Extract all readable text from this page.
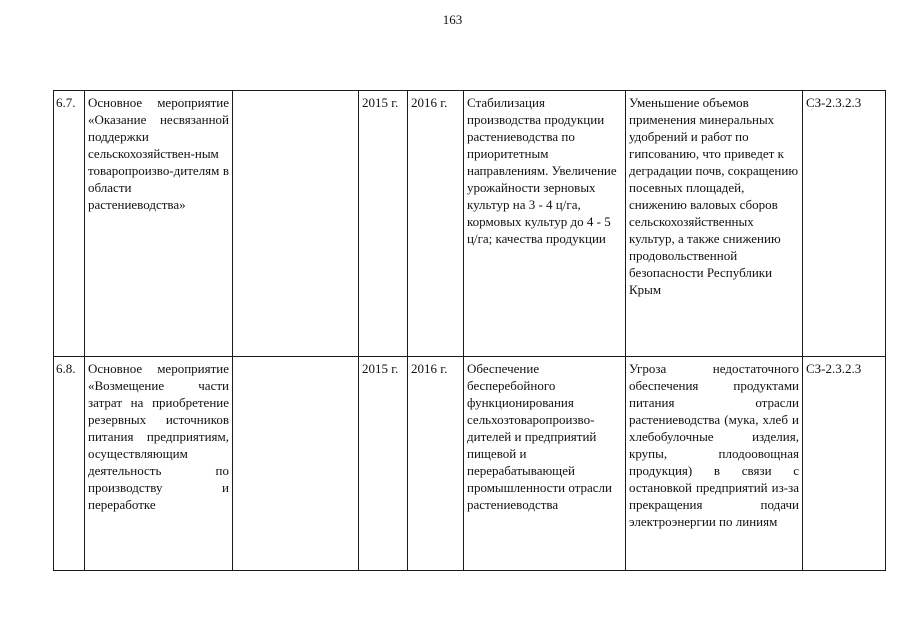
163
6.7.	Основное мероприятие «Оказание несвязанной поддержки сельскохозяйствен-ным товаропроизво-дителям в области растениеводства»		2015 г.	2016 г.	Стабилизация производства продукции растениеводства по приоритетным направлениям. Увеличение урожайности зерновых культур на 3 - 4 ц/га, кормовых культур до 4 - 5 ц/га; качества продукции	Уменьшение объемов применения минеральных удобрений и работ по гипсованию, что приведет к деградации почв, сокращению посевных площадей, снижению валовых сборов сельскохозяйственных культур, а также снижению продовольственной безопасности Республики Крым	СЗ-2.3.2.3
6.8.	Основное мероприятие «Возмещение части затрат на приобретение резервных источников питания предприятиям, осуществляющим деятельность по производству и переработке		2015 г.	2016 г.	Обеспечение бесперебойного функционирования сельхозтоваропроизво-дителей и предприятий пищевой и перерабатывающей промышленности отрасли растениеводства	Угроза недостаточного обеспечения продуктами питания отрасли растениеводства (мука, хлеб и хлебобулочные изделия, крупы, плодоовощная продукция) в связи с остановкой предприятий из-за прекращения подачи электроэнергии по линиям	СЗ-2.3.2.3
